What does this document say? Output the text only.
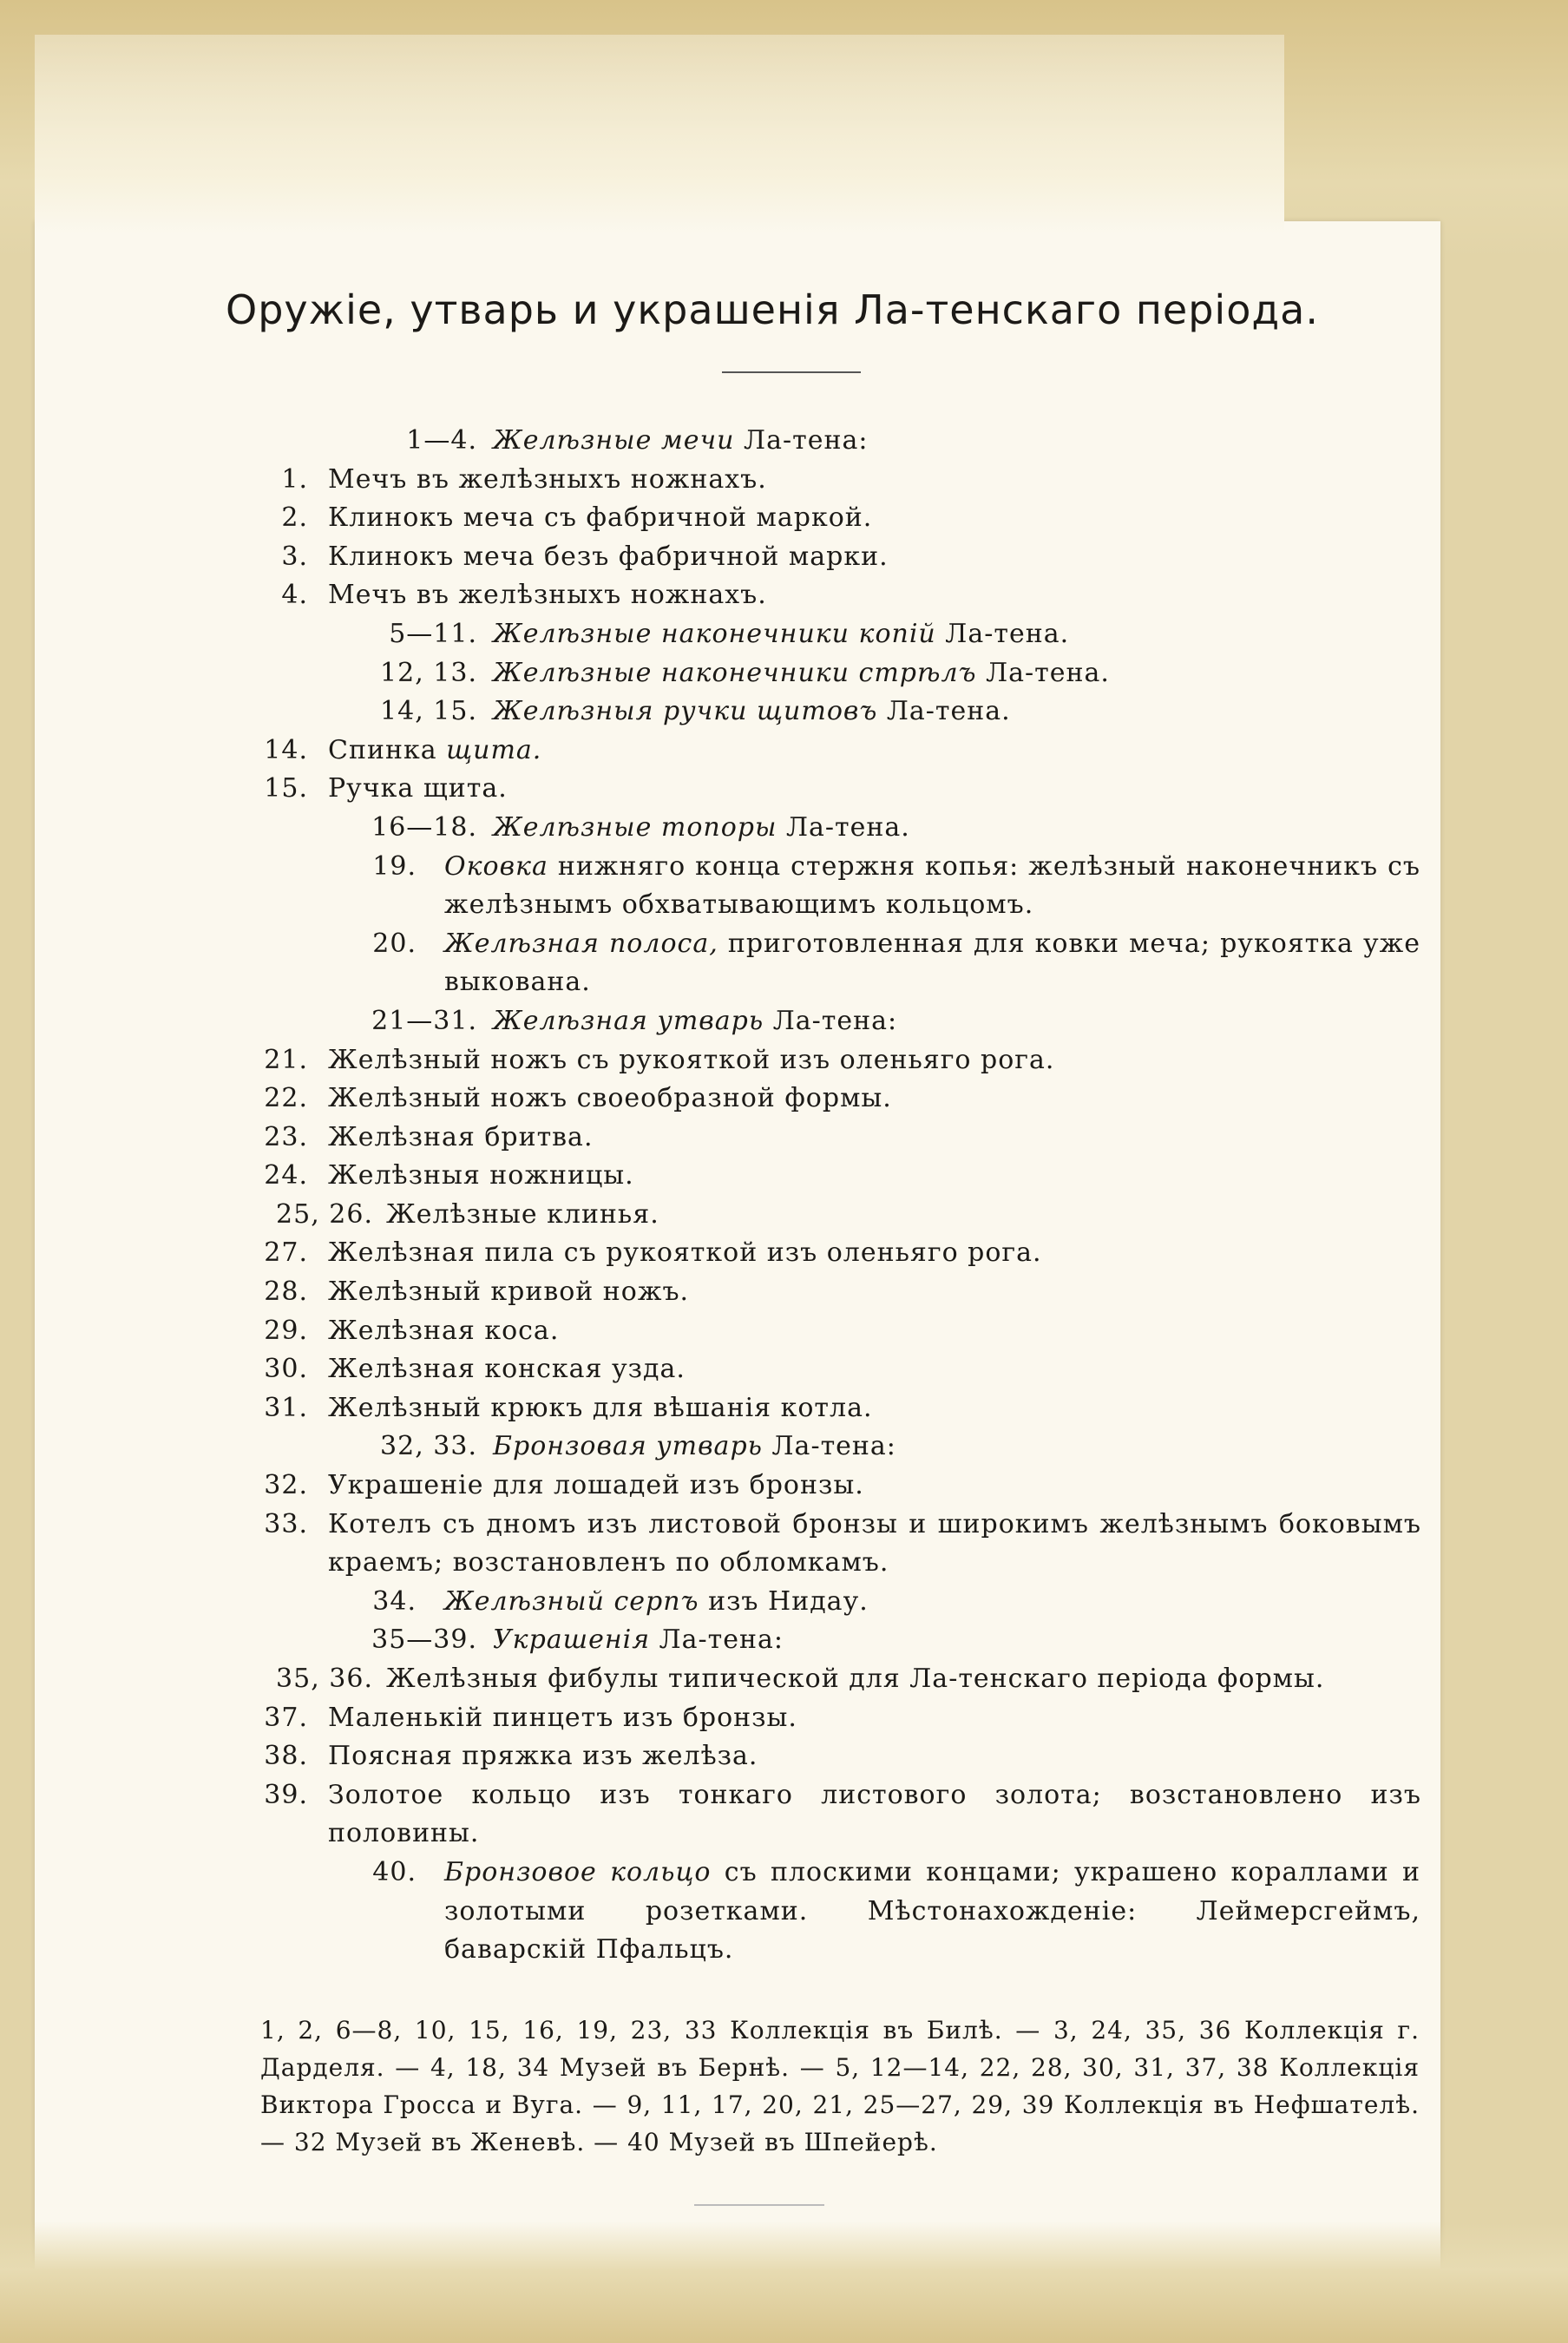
Оружіе, утварь и украшенія Ла-тенскаго періода.
1—4. Желѣзные мечи Ла-тена:
1. Мечъ въ желѣзныхъ ножнахъ.
2. Клинокъ меча съ фабричной маркой.
3. Клинокъ меча безъ фабричной марки.
4. Мечъ въ желѣзныхъ ножнахъ.
5—11. Желѣзные наконечники копій Ла-тена.
12, 13. Желѣзные наконечники стрѣлъ Ла-тена.
14, 15. Желѣзныя ручки щитовъ Ла-тена.
14. Спинка щита.
15. Ручка щита.
16—18. Желѣзные топоры Ла-тена.
19. Оковка нижняго конца стержня копья: желѣзный наконечникъ съ желѣзнымъ обхватывающимъ кольцомъ.
20. Желѣзная полоса, приготовленная для ковки меча; рукоятка уже выкована.
21—31. Желѣзная утварь Ла-тена:
21. Желѣзный ножъ съ рукояткой изъ оленьяго рога.
22. Желѣзный ножъ своеобразной формы.
23. Желѣзная бритва.
24. Желѣзныя ножницы.
25, 26. Желѣзные клинья.
27. Желѣзная пила съ рукояткой изъ оленьяго рога.
28. Желѣзный кривой ножъ.
29. Желѣзная коса.
30. Желѣзная конская узда.
31. Желѣзный крюкъ для вѣшанія котла.
32, 33. Бронзовая утварь Ла-тена:
32. Украшеніе для лошадей изъ бронзы.
33. Котелъ съ дномъ изъ листовой бронзы и широкимъ желѣзнымъ боковымъ краемъ; возстановленъ по обломкамъ.
34. Желѣзный серпъ изъ Нидау.
35—39. Украшенія Ла-тена:
35, 36. Желѣзныя фибулы типической для Ла-тенскаго періода формы.
37. Маленькій пинцетъ изъ бронзы.
38. Поясная пряжка изъ желѣза.
39. Золотое кольцо изъ тонкаго листового золота; возстановлено изъ половины.
40. Бронзовое кольцо съ плоскими концами; украшено кораллами и золотыми розетками. Мѣстонахожденіе: Леймерсгеймъ, баварскій Пфальцъ.
1, 2, 6—8, 10, 15, 16, 19, 23, 33 Коллекція въ Билѣ. — 3, 24, 35, 36 Коллекція г. Дарделя. — 4, 18, 34 Музей въ Бернѣ. — 5, 12—14, 22, 28, 30, 31, 37, 38 Коллекція Виктора Гросса и Вуга. — 9, 11, 17, 20, 21, 25—27, 29, 39 Коллекція въ Нефшателѣ. — 32 Музей въ Женевѣ. — 40 Музей въ Шпейерѣ.
